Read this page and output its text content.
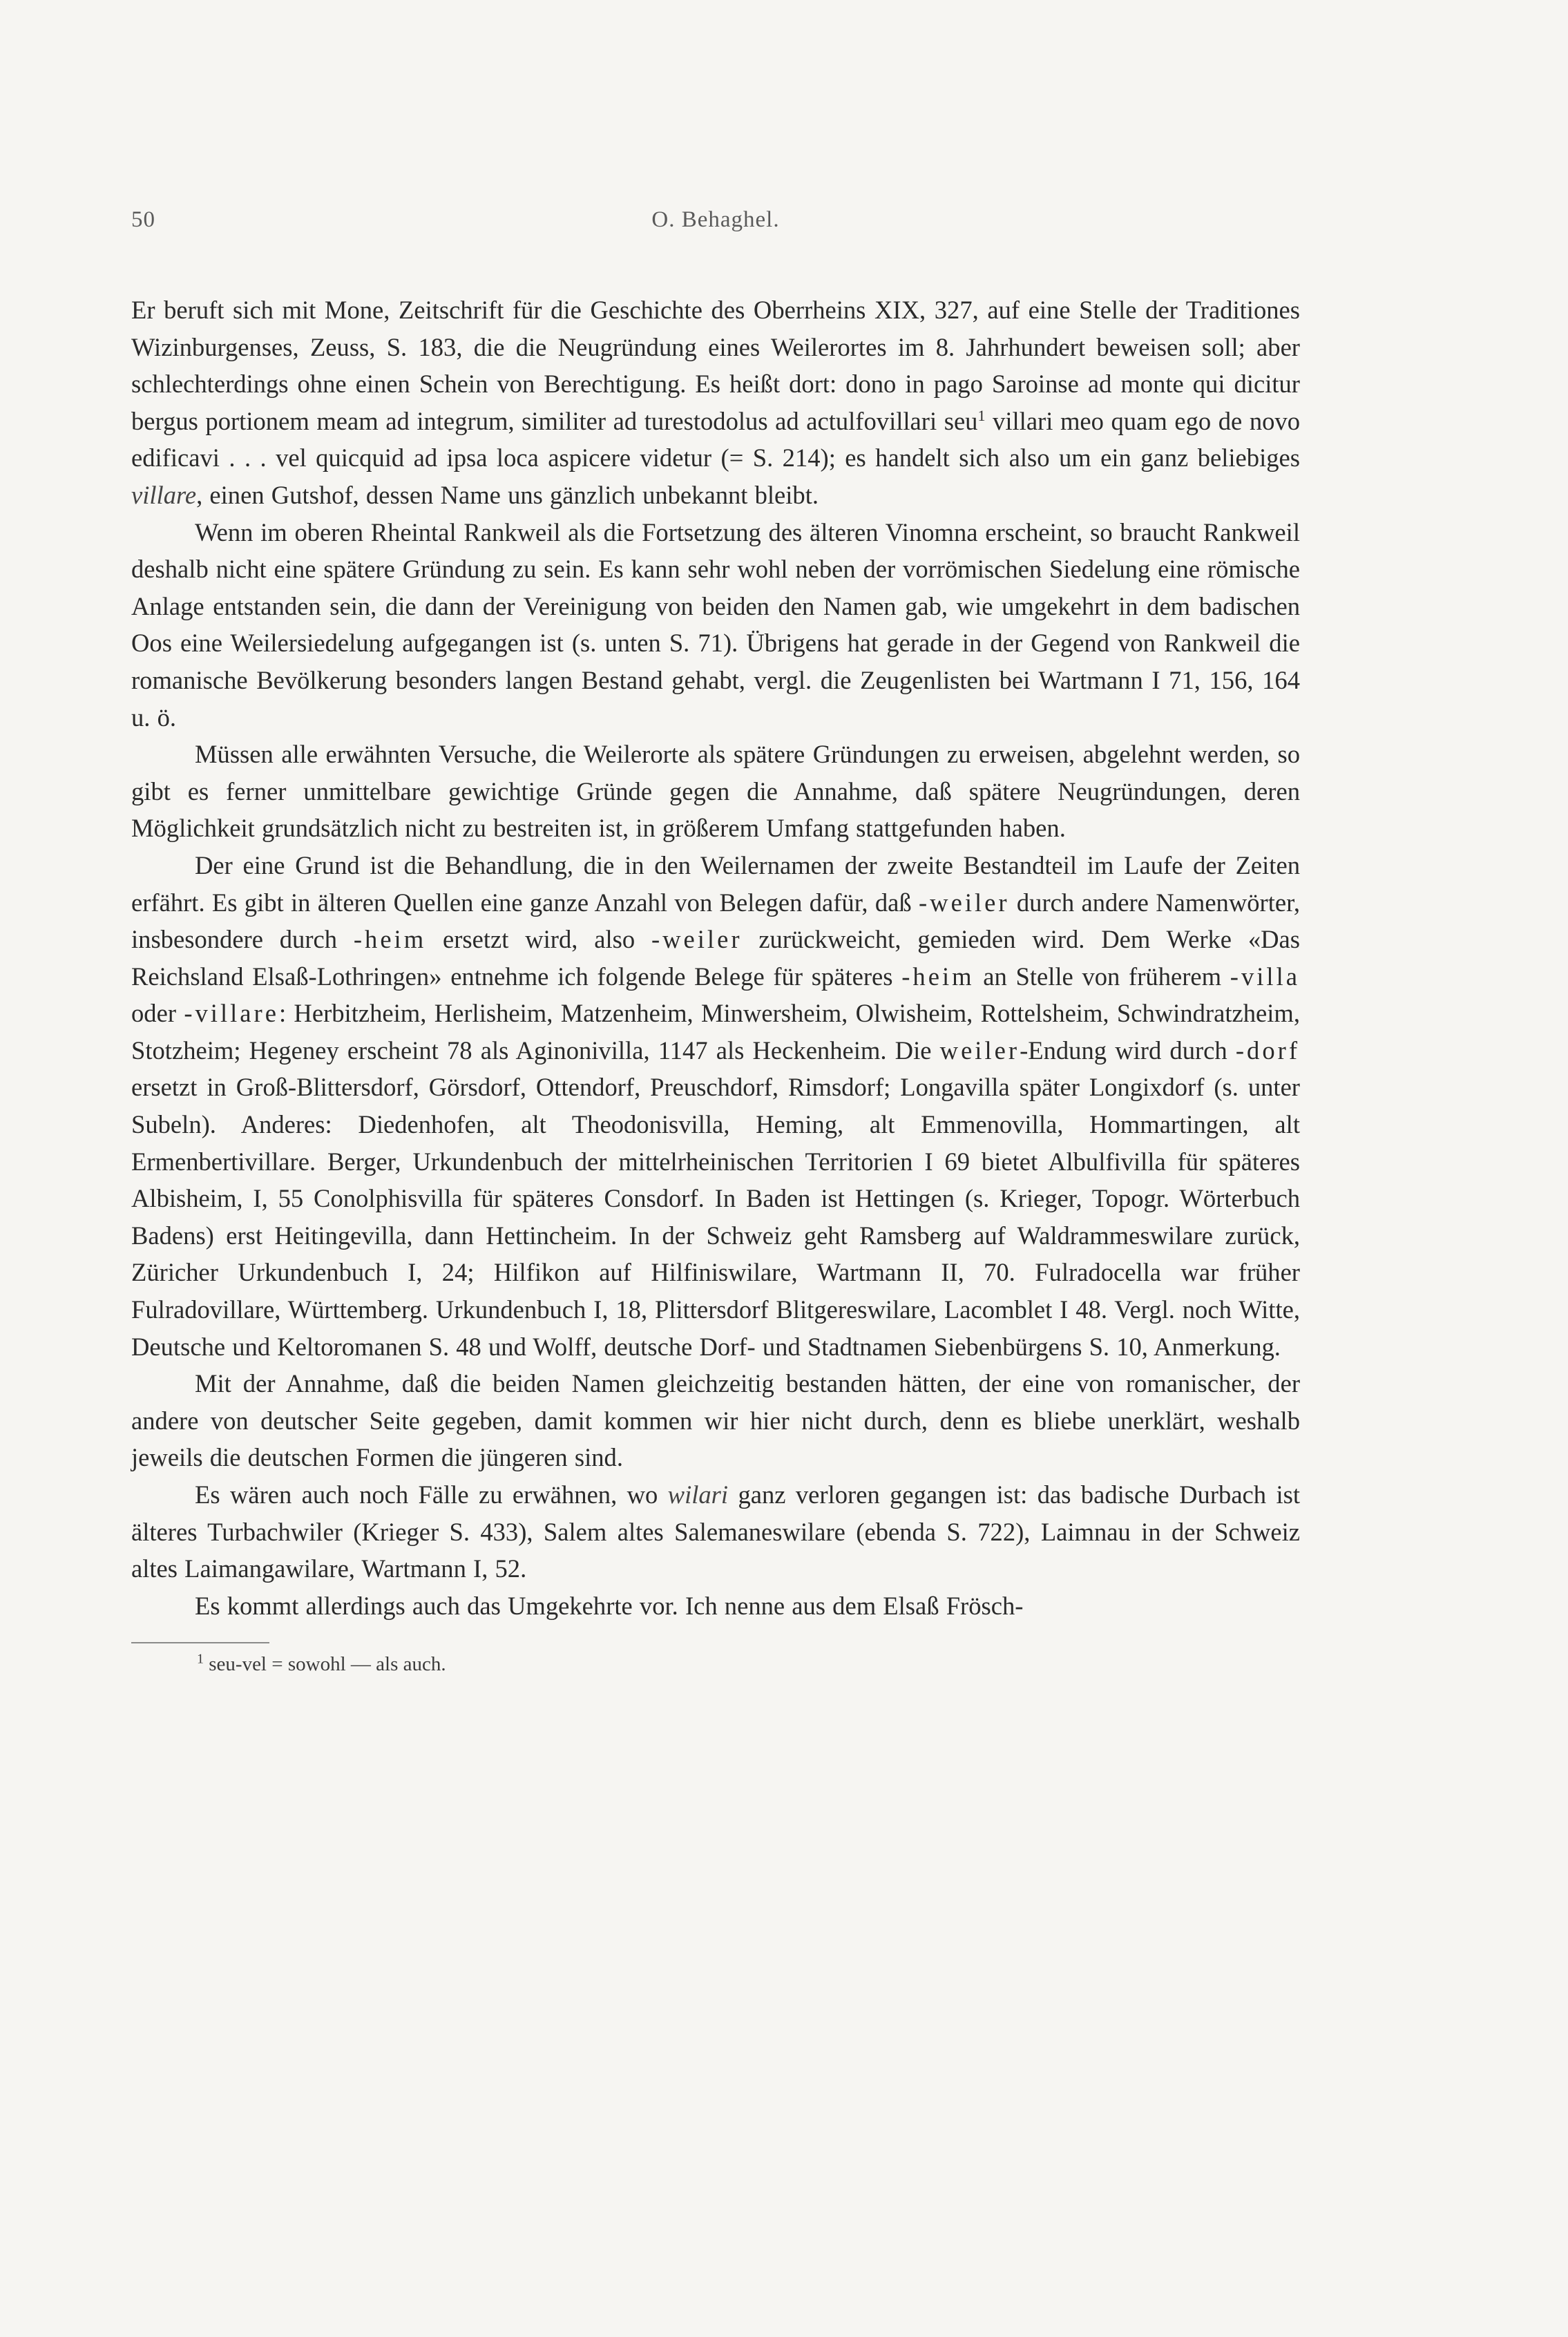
50	O. Behaghel.

Er beruft sich mit Mone, Zeitschrift für die Geschichte des Oberrheins XIX, 327, auf eine Stelle der Traditiones Wizinburgenses, Zeuss, S. 183, die die Neugründung eines Weilerortes im 8. Jahrhundert beweisen soll; aber schlechterdings ohne einen Schein von Berechtigung. Es heißt dort: dono in pago Saroinse ad monte qui dicitur bergus portionem meam ad integrum, similiter ad turestodolus ad actulfovillari seu$^1$ villari meo quam ego de novo edificavi . . . vel quicquid ad ipsa loca aspicere videtur (= S. 214); es handelt sich also um ein ganz beliebiges villare, einen Gutshof, dessen Name uns gänzlich unbekannt bleibt.

Wenn im oberen Rheintal Rankweil als die Fortsetzung des älteren Vinomna erscheint, so braucht Rankweil deshalb nicht eine spätere Gründung zu sein. Es kann sehr wohl neben der vorrömischen Siedelung eine römische Anlage entstanden sein, die dann der Vereinigung von beiden den Namen gab, wie umgekehrt in dem badischen Oos eine Weilersiedelung aufgegangen ist (s. unten S. 71). Übrigens hat gerade in der Gegend von Rankweil die romanische Bevölkerung besonders langen Bestand gehabt, vergl. die Zeugenlisten bei Wartmann I 71, 156, 164 u. ö.

Müssen alle erwähnten Versuche, die Weilerorte als spätere Gründungen zu erweisen, abgelehnt werden, so gibt es ferner unmittelbare gewichtige Gründe gegen die Annahme, daß spätere Neugründungen, deren Möglichkeit grundsätzlich nicht zu bestreiten ist, in größerem Umfang stattgefunden haben.

Der eine Grund ist die Behandlung, die in den Weilernamen der zweite Bestandteil im Laufe der Zeiten erfährt. Es gibt in älteren Quellen eine ganze Anzahl von Belegen dafür, daß -weiler durch andere Namenwörter, insbesondere durch -heim ersetzt wird, also -weiler zurückweicht, gemieden wird. Dem Werke «Das Reichsland Elsaß-Lothringen» entnehme ich folgende Belege für späteres -heim an Stelle von früherem -villa oder -villare: Herbitzheim, Herlisheim, Matzenheim, Minwersheim, Olwisheim, Rottelsheim, Schwindratzheim, Stotzheim; Hegeney erscheint 78 als Aginonivilla, 1147 als Heckenheim. Die weiler-Endung wird durch -dorf ersetzt in Groß-Blittersdorf, Görsdorf, Ottendorf, Preuschdorf, Rimsdorf; Longavilla später Longixdorf (s. unter Subeln). Anderes: Diedenhofen, alt Theodonisvilla, Heming, alt Emmenovilla, Hommartingen, alt Ermenbertivillare. Berger, Urkundenbuch der mittelrheinischen Territorien I 69 bietet Albulfivilla für späteres Albisheim, I, 55 Conolphisvilla für späteres Consdorf. In Baden ist Hettingen (s. Krieger, Topogr. Wörterbuch Badens) erst Heitingevilla, dann Hettincheim. In der Schweiz geht Ramsberg auf Waldrammeswilare zurück, Züricher Urkundenbuch I, 24; Hilfikon auf Hilfiniswilare, Wartmann II, 70. Fulradocella war früher Fulradovillare, Württemberg. Urkundenbuch I, 18, Plittersdorf Blitgereswilare, Lacomblet I 48. Vergl. noch Witte, Deutsche und Keltoromanen S. 48 und Wolff, deutsche Dorf- und Stadtnamen Siebenbürgens S. 10, Anmerkung.

Mit der Annahme, daß die beiden Namen gleichzeitig bestanden hätten, der eine von romanischer, der andere von deutscher Seite gegeben, damit kommen wir hier nicht durch, denn es bliebe unerklärt, weshalb jeweils die deutschen Formen die jüngeren sind.

Es wären auch noch Fälle zu erwähnen, wo wilari ganz verloren gegangen ist: das badische Durbach ist älteres Turbachwiler (Krieger S. 433), Salem altes Salemaneswilare (ebenda S. 722), Laimnau in der Schweiz altes Laimangawilare, Wartmann I, 52.

Es kommt allerdings auch das Umgekehrte vor. Ich nenne aus dem Elsaß Frösch-

$^1$ seu-vel = sowohl — als auch.
